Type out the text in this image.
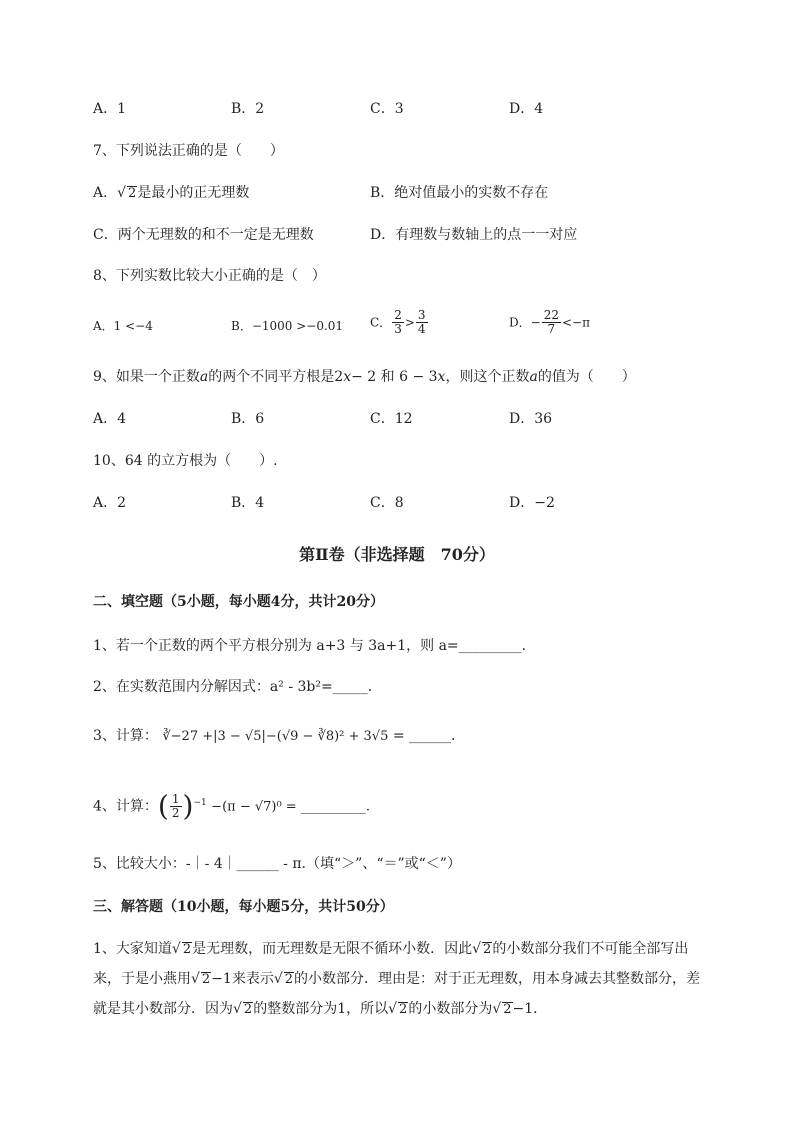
A．1	B．2	C．3	D．4
7、下列说法正确的是（　　）
A．√ 2是最小的正无理数	B．绝对值最小的实数不存在
C．两个无理数的和不一定是无理数	D．有理数与数轴上的点一一对应
8、下列实数比较大小正确的是（　）
A．1 <−4	B．−1000 >−0.01 C． $\frac{2}{3} > \frac{3}{4}$	D．− $\frac{22}{7} <-\pi$
9、如果一个正数a的两个不同平方根是2x− 2 和 6 − 3x，则这个正数a的值为（　　）
A．4	B．6	C．12	D．36
10、64 的立方根为（　　）.
A．2	B．4	C．8	D．−2
第Ⅱ卷（非选择题　70分）
二、填空题（5小题，每小题4分，共计20分）
1、若一个正数的两个平方根分别为 a+3 与 3a+1，则 a=_________.
2、在实数范围内分解因式：a² - 3b²=_____.
3、计算： ∛−27 +|3 − √5|−(√9 − ∛8)² + 3√5 = ______.
4、计算：( $\frac{1}{2} )^{-1} -(\pi - √7)^0$ = __________.
5、比较大小：-｜- 4｜______ - π.（填“＞”、“＝”或“＜”）
三、解答题（10小题，每小题5分，共计50分）
1、大家知道√ 2是无理数，而无理数是无限不循环小数．因此√ 2的小数部分我们不可能全部写出
来，于是小燕用√ 2−1来表示√ 2的小数部分．理由是：对于正无理数，用本身减去其整数部分，差
就是其小数部分．因为√ 2的整数部分为1，所以√ 2的小数部分为√ 2−1．
